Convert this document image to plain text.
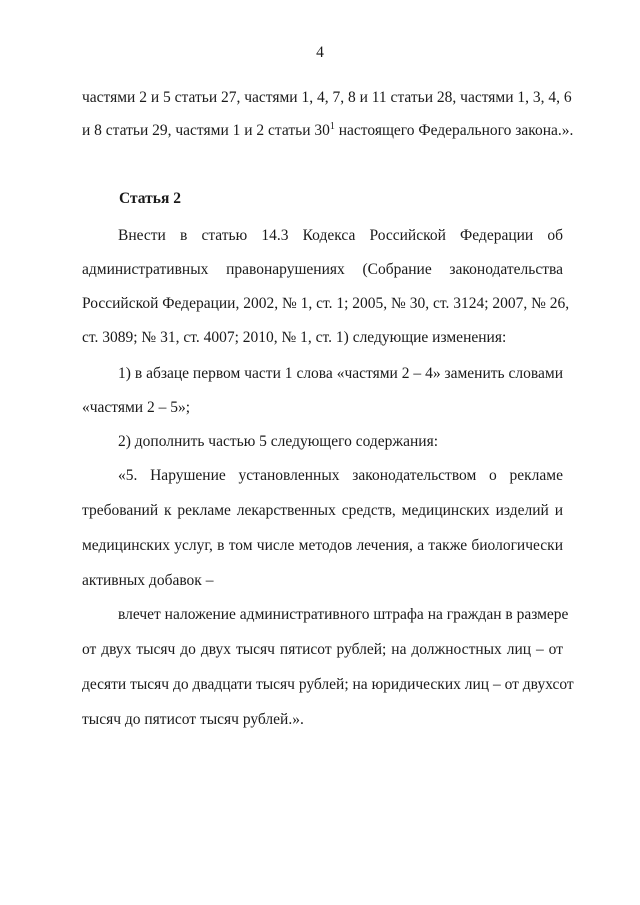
4
частями 2 и 5 статьи 27, частями 1, 4, 7, 8 и 11 статьи 28, частями 1, 3, 4, 6
и 8 статьи 29, частями 1 и 2 статьи $30^1$ настоящего Федерального закона.».
Статья 2
Внести в статью 14.3 Кодекса Российской Федерации об
административных правонарушениях (Собрание законодательства
Российской Федерации, 2002, № 1, ст. 1; 2005, № 30, ст. 3124; 2007, № 26,
ст. 3089; № 31, ст. 4007; 2010, № 1, ст. 1) следующие изменения:
1) в абзаце первом части 1 слова «частями 2 – 4» заменить словами
«частями 2 – 5»;
2) дополнить частью 5 следующего содержания:
«5. Нарушение установленных законодательством о рекламе
требований к рекламе лекарственных средств, медицинских изделий и
медицинских услуг, в том числе методов лечения, а также биологически
активных добавок –
влечет наложение административного штрафа на граждан в размере
от двух тысяч до двух тысяч пятисот рублей; на должностных лиц – от
десяти тысяч до двадцати тысяч рублей; на юридических лиц – от двухсот
тысяч до пятисот тысяч рублей.».
